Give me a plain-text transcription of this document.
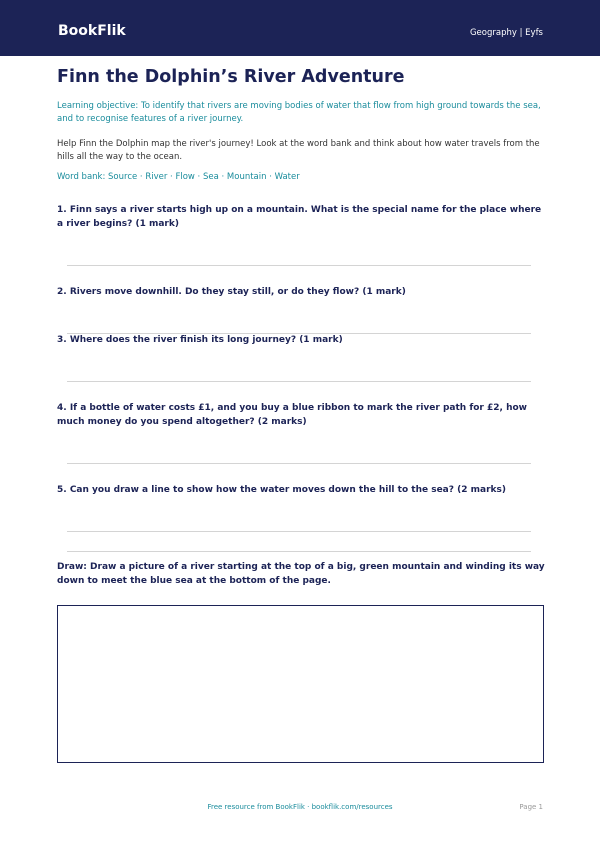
BookFlik	Geography | Eyfs
Finn the Dolphin’s River Adventure

Learning objective: To identify that rivers are moving bodies of water that flow from high ground towards the sea, and to recognise features of a river journey.

Help Finn the Dolphin map the river's journey! Look at the word bank and think about how water travels from the hills all the way to the ocean.

Word bank: Source · River · Flow · Sea · Mountain · Water

1. Finn says a river starts high up on a mountain. What is the special name for the place where a river begins? (1 mark)

2. Rivers move downhill. Do they stay still, or do they flow? (1 mark)

3. Where does the river finish its long journey? (1 mark)

4. If a bottle of water costs £1, and you buy a blue ribbon to mark the river path for £2, how much money do you spend altogether? (2 marks)

5. Can you draw a line to show how the water moves down the hill to the sea? (2 marks)

Draw: Draw a picture of a river starting at the top of a big, green mountain and winding its way down to meet the blue sea at the bottom of the page.

Free resource from BookFlik · bookflik.com/resources	Page 1
